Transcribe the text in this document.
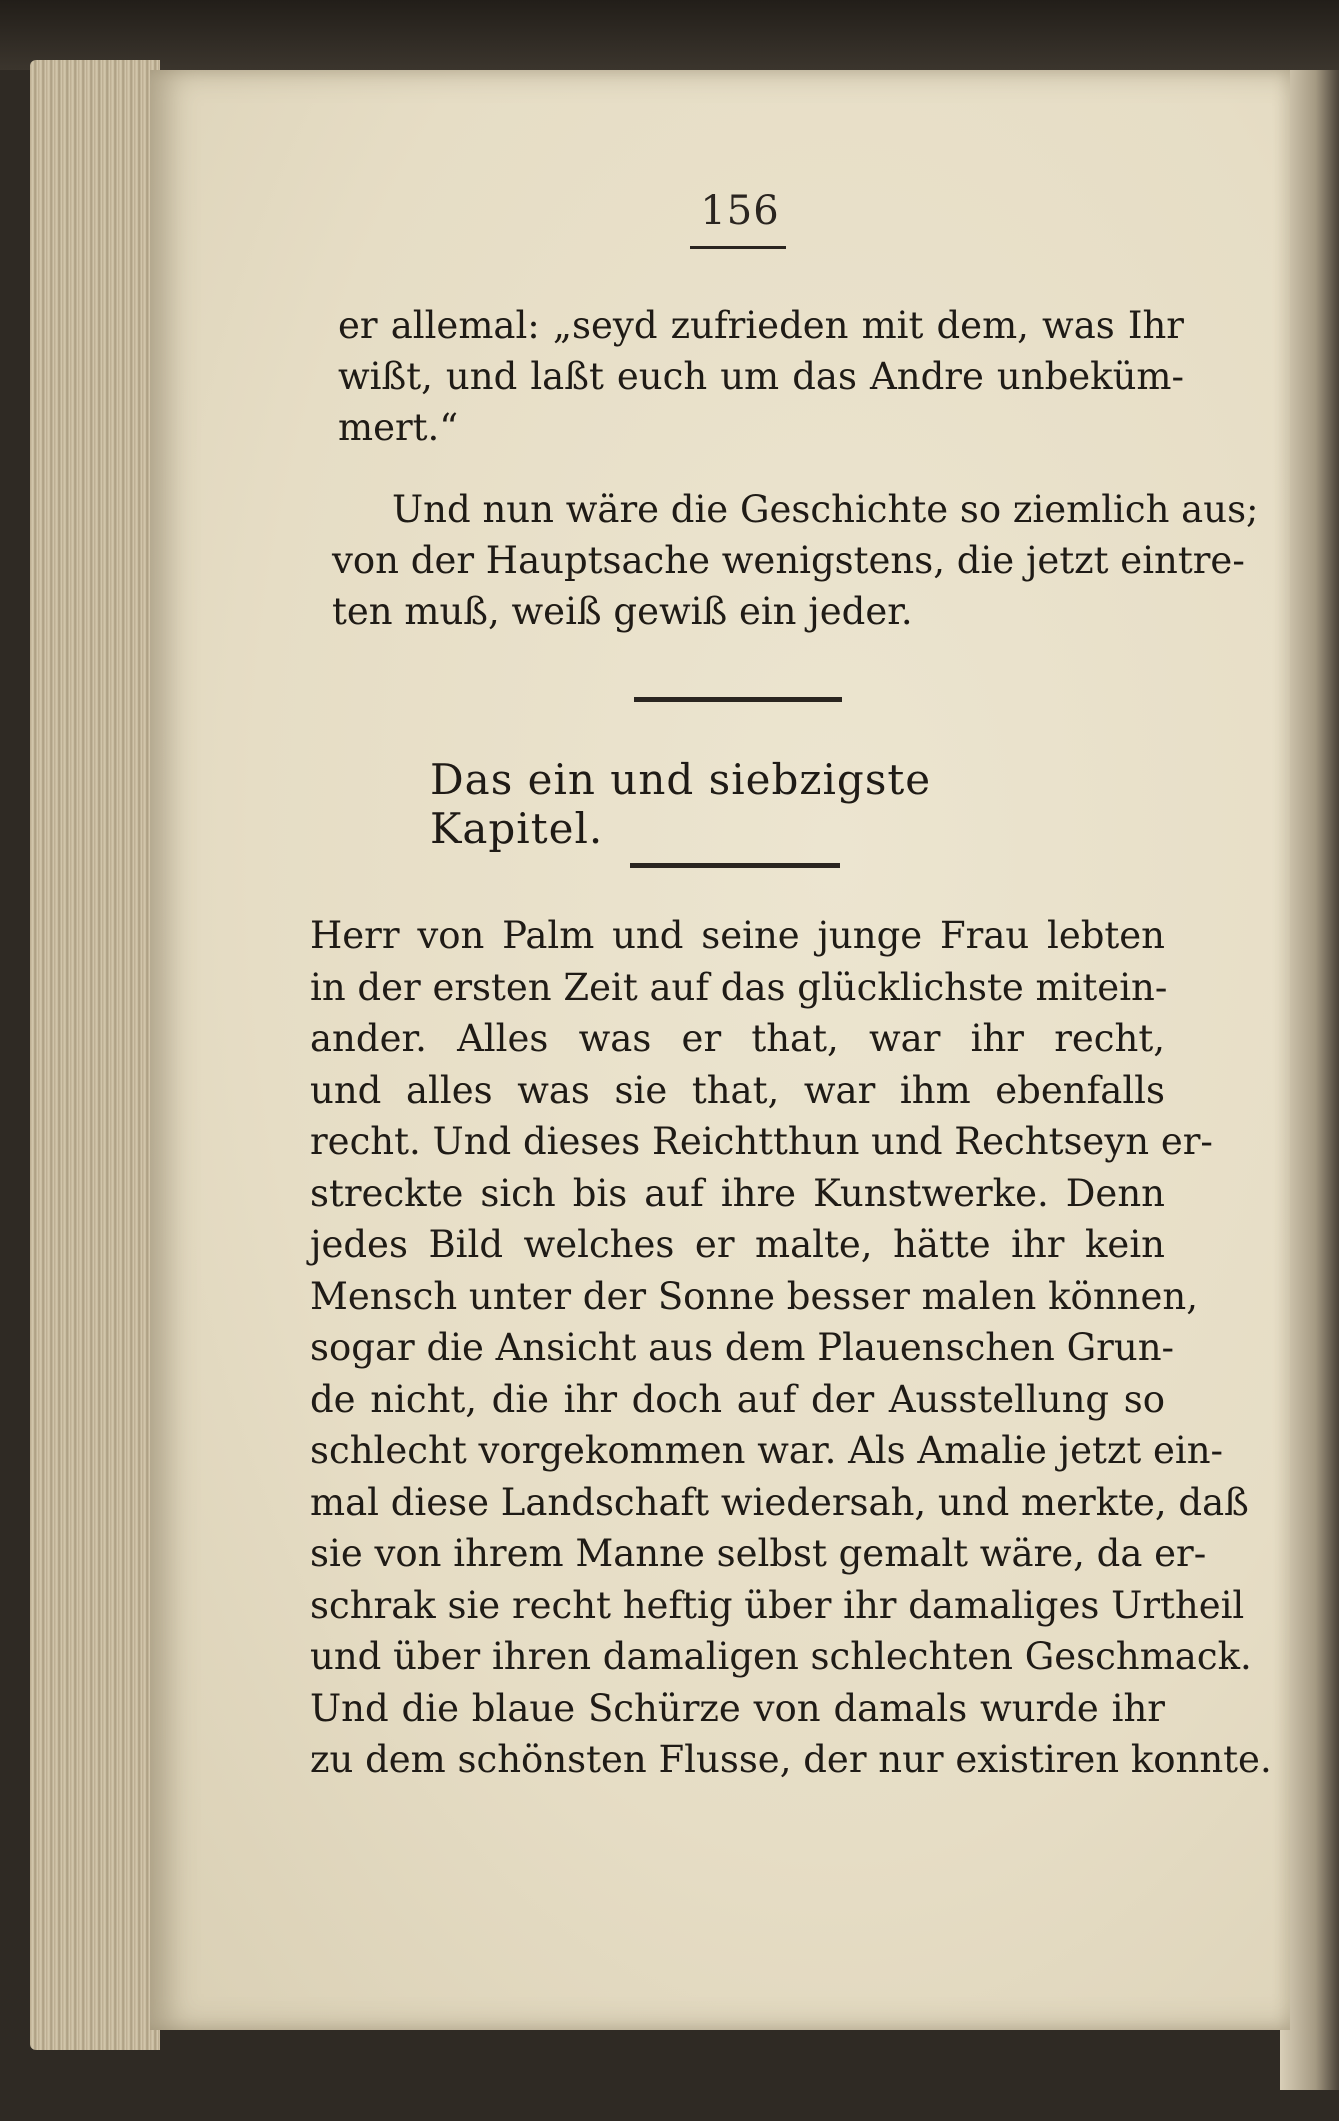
156
er allemal: „seyd zufrieden mit dem, was Ihr
wißt, und laßt euch um das Andre unbeküm-
mert.“
Und nun wäre die Geschichte so ziemlich aus;
von der Hauptsache wenigstens, die jetzt eintre-
ten muß, weiß gewiß ein jeder.
Das ein und siebzigste Kapitel.
Herr von Palm und seine junge Frau lebten
in der ersten Zeit auf das glücklichste mitein-
ander. Alles was er that, war ihr recht,
und alles was sie that, war ihm ebenfalls
recht. Und dieses Reichtthun und Rechtseyn er-
streckte sich bis auf ihre Kunstwerke. Denn
jedes Bild welches er malte, hätte ihr kein
Mensch unter der Sonne besser malen können,
sogar die Ansicht aus dem Plauenschen Grun-
de nicht, die ihr doch auf der Ausstellung so
schlecht vorgekommen war. Als Amalie jetzt ein-
mal diese Landschaft wiedersah, und merkte, daß
sie von ihrem Manne selbst gemalt wäre, da er-
schrak sie recht heftig über ihr damaliges Urtheil
und über ihren damaligen schlechten Geschmack.
Und die blaue Schürze von damals wurde ihr
zu dem schönsten Flusse, der nur existiren konnte.
